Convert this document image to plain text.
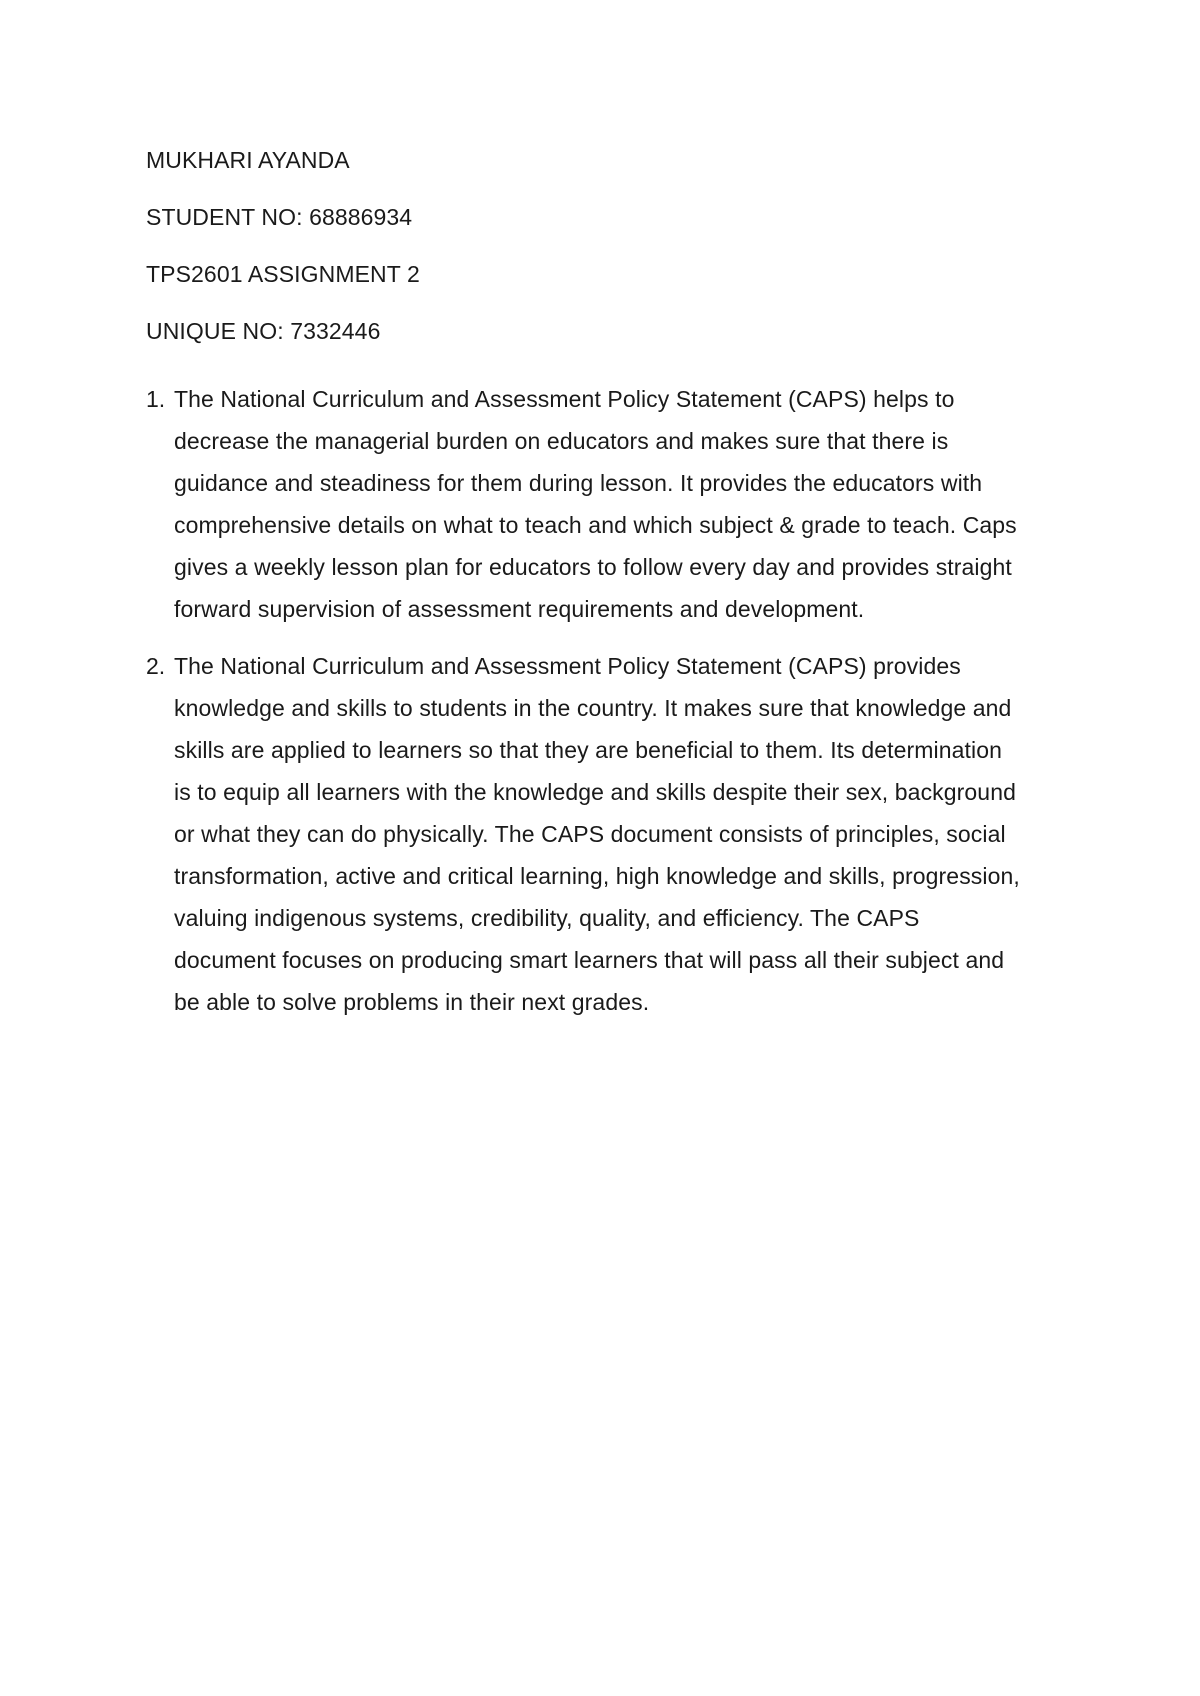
MUKHARI AYANDA
STUDENT NO: 68886934
TPS2601 ASSIGNMENT 2
UNIQUE NO: 7332446
1. The National Curriculum and Assessment Policy Statement (CAPS) helps to
decrease the managerial burden on educators and makes sure that there is
guidance and steadiness for them during lesson. It provides the educators with
comprehensive details on what to teach and which subject & grade to teach. Caps
gives a weekly lesson plan for educators to follow every day and provides straight
forward supervision of assessment requirements and development.
2. The National Curriculum and Assessment Policy Statement (CAPS) provides
knowledge and skills to students in the country. It makes sure that knowledge and
skills are applied to learners so that they are beneficial to them. Its determination
is to equip all learners with the knowledge and skills despite their sex, background
or what they can do physically. The CAPS document consists of principles, social
transformation, active and critical learning, high knowledge and skills, progression,
valuing indigenous systems, credibility, quality, and efficiency. The CAPS
document focuses on producing smart learners that will pass all their subject and
be able to solve problems in their next grades.
